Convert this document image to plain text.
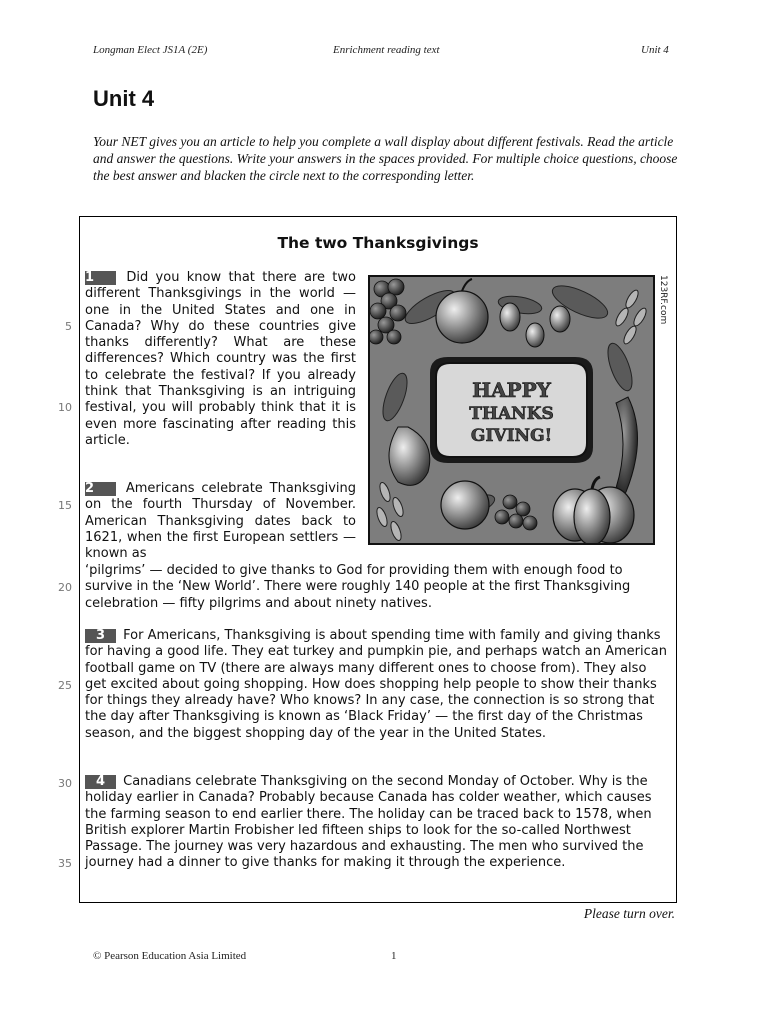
Longman Elect JS1A (2E)	Enrichment reading text	Unit 4
Unit 4

Your NET gives you an article to help you complete a wall display about different festivals. Read the article and answer the questions. Write your answers in the spaces provided. For multiple choice questions, choose the best answer and blacken the circle next to the corresponding letter.

The two Thanksgivings
5
10
15
20
25
30
35

1 Did you know that there are two different Thanksgivings in the world — one in the United States and one in Canada? Why do these countries give thanks differently? What are these differences? Which country was the first to celebrate the festival? If you already think that Thanksgiving is an intriguing festival, you will probably think that it is even more fascinating after reading this article.

2 Americans celebrate Thanksgiving on the fourth Thursday of November. American Thanksgiving dates back to 1621, when the first European settlers — known as

‘pilgrims’ — decided to give thanks to God for providing them with enough food to survive in the ‘New World’. There were roughly 140 people at the first Thanksgiving celebration — fifty pilgrims and about ninety natives.

3 For Americans, Thanksgiving is about spending time with family and giving thanks for having a good life. They eat turkey and pumpkin pie, and perhaps watch an American football game on TV (there are always many different ones to choose from). They also get excited about going shopping. How does shopping help people to show their thanks for things they already have? Who knows? In any case, the connection is so strong that the day after Thanksgiving is known as ‘Black Friday’ — the first day of the Christmas season, and the biggest shopping day of the year in the United States.

4 Canadians celebrate Thanksgiving on the second Monday of October. Why is the holiday earlier in Canada? Probably because Canada has colder weather, which causes the farming season to end earlier there. The holiday can be traced back to 1578, when British explorer Martin Frobisher led fifteen ships to look for the so-called Northwest Passage. The journey was very hazardous and exhausting. The men who survived the journey had a dinner to give thanks for making it through the experience.

HAPPY
THANKS
GIVING!
123RF.com
Please turn over.
© Pearson Education Asia Limited	1
